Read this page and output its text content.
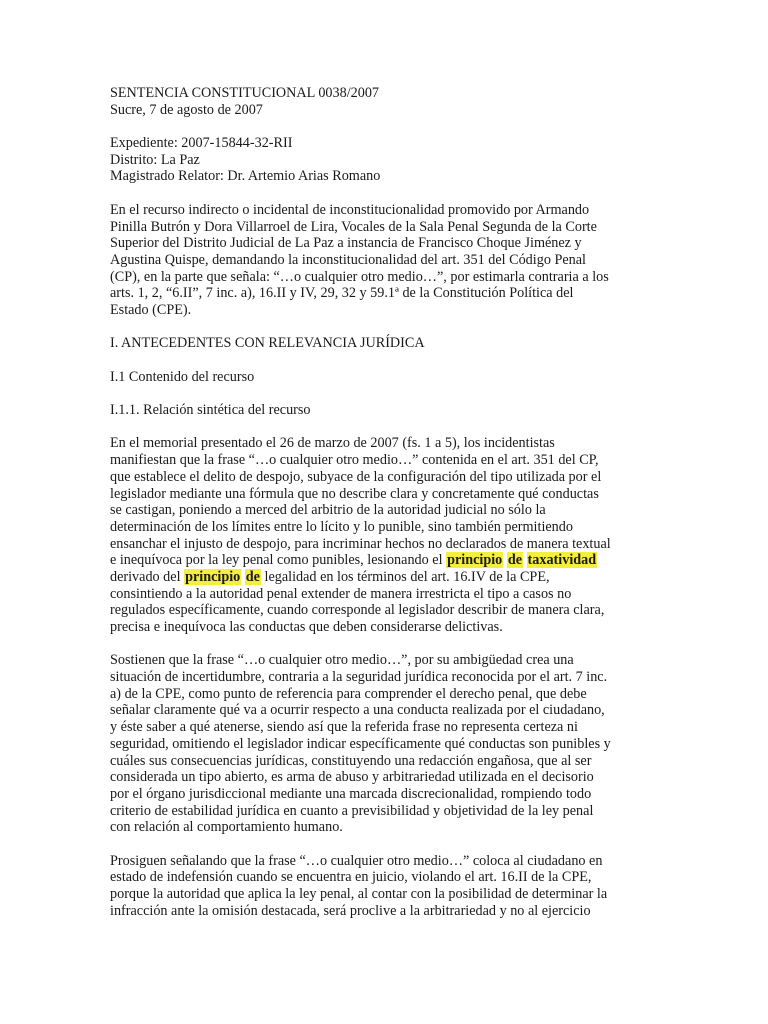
SENTENCIA CONSTITUCIONAL 0038/2007
Sucre, 7 de agosto de 2007
Expediente: 2007-15844-32-RII
Distrito: La Paz
Magistrado Relator: Dr. Artemio Arias Romano
En el recurso indirecto o incidental de inconstitucionalidad promovido por Armando
Pinilla Butrón y Dora Villarroel de Lira, Vocales de la Sala Penal Segunda de la Corte
Superior del Distrito Judicial de La Paz a instancia de Francisco Choque Jiménez y
Agustina Quispe, demandando la inconstitucionalidad del art. 351 del Código Penal
(CP), en la parte que señala: “…o cualquier otro medio…”, por estimarla contraria a los
arts. 1, 2, “6.II”, 7 inc. a), 16.II y IV, 29, 32 y 59.1ª de la Constitución Política del
Estado (CPE).
I. ANTECEDENTES CON RELEVANCIA JURÍDICA
I.1 Contenido del recurso
I.1.1. Relación sintética del recurso
En el memorial presentado el 26 de marzo de 2007 (fs. 1 a 5), los incidentistas
manifiestan que la frase “…o cualquier otro medio…” contenida en el art. 351 del CP,
que establece el delito de despojo, subyace de la configuración del tipo utilizada por el
legislador mediante una fórmula que no describe clara y concretamente qué conductas
se castigan, poniendo a merced del arbitrio de la autoridad judicial no sólo la
determinación de los límites entre lo lícito y lo punible, sino también permitiendo
ensanchar el injusto de despojo, para incriminar hechos no declarados de manera textual
e inequívoca por la ley penal como punibles, lesionando el principio de taxatividad
derivado del principio de legalidad en los términos del art. 16.IV de la CPE,
consintiendo a la autoridad penal extender de manera irrestricta el tipo a casos no
regulados específicamente, cuando corresponde al legislador describir de manera clara,
precisa e inequívoca las conductas que deben considerarse delictivas.
Sostienen que la frase “…o cualquier otro medio…”, por su ambigüedad crea una
situación de incertidumbre, contraria a la seguridad jurídica reconocida por el art. 7 inc.
a) de la CPE, como punto de referencia para comprender el derecho penal, que debe
señalar claramente qué va a ocurrir respecto a una conducta realizada por el ciudadano,
y éste saber a qué atenerse, siendo así que la referida frase no representa certeza ni
seguridad, omitiendo el legislador indicar específicamente qué conductas son punibles y
cuáles sus consecuencias jurídicas, constituyendo una redacción engañosa, que al ser
considerada un tipo abierto, es arma de abuso y arbitrariedad utilizada en el decisorio
por el órgano jurisdiccional mediante una marcada discrecionalidad, rompiendo todo
criterio de estabilidad jurídica en cuanto a previsibilidad y objetividad de la ley penal
con relación al comportamiento humano.
Prosiguen señalando que la frase “…o cualquier otro medio…” coloca al ciudadano en
estado de indefensión cuando se encuentra en juicio, violando el art. 16.II de la CPE,
porque la autoridad que aplica la ley penal, al contar con la posibilidad de determinar la
infracción ante la omisión destacada, será proclive a la arbitrariedad y no al ejercicio
